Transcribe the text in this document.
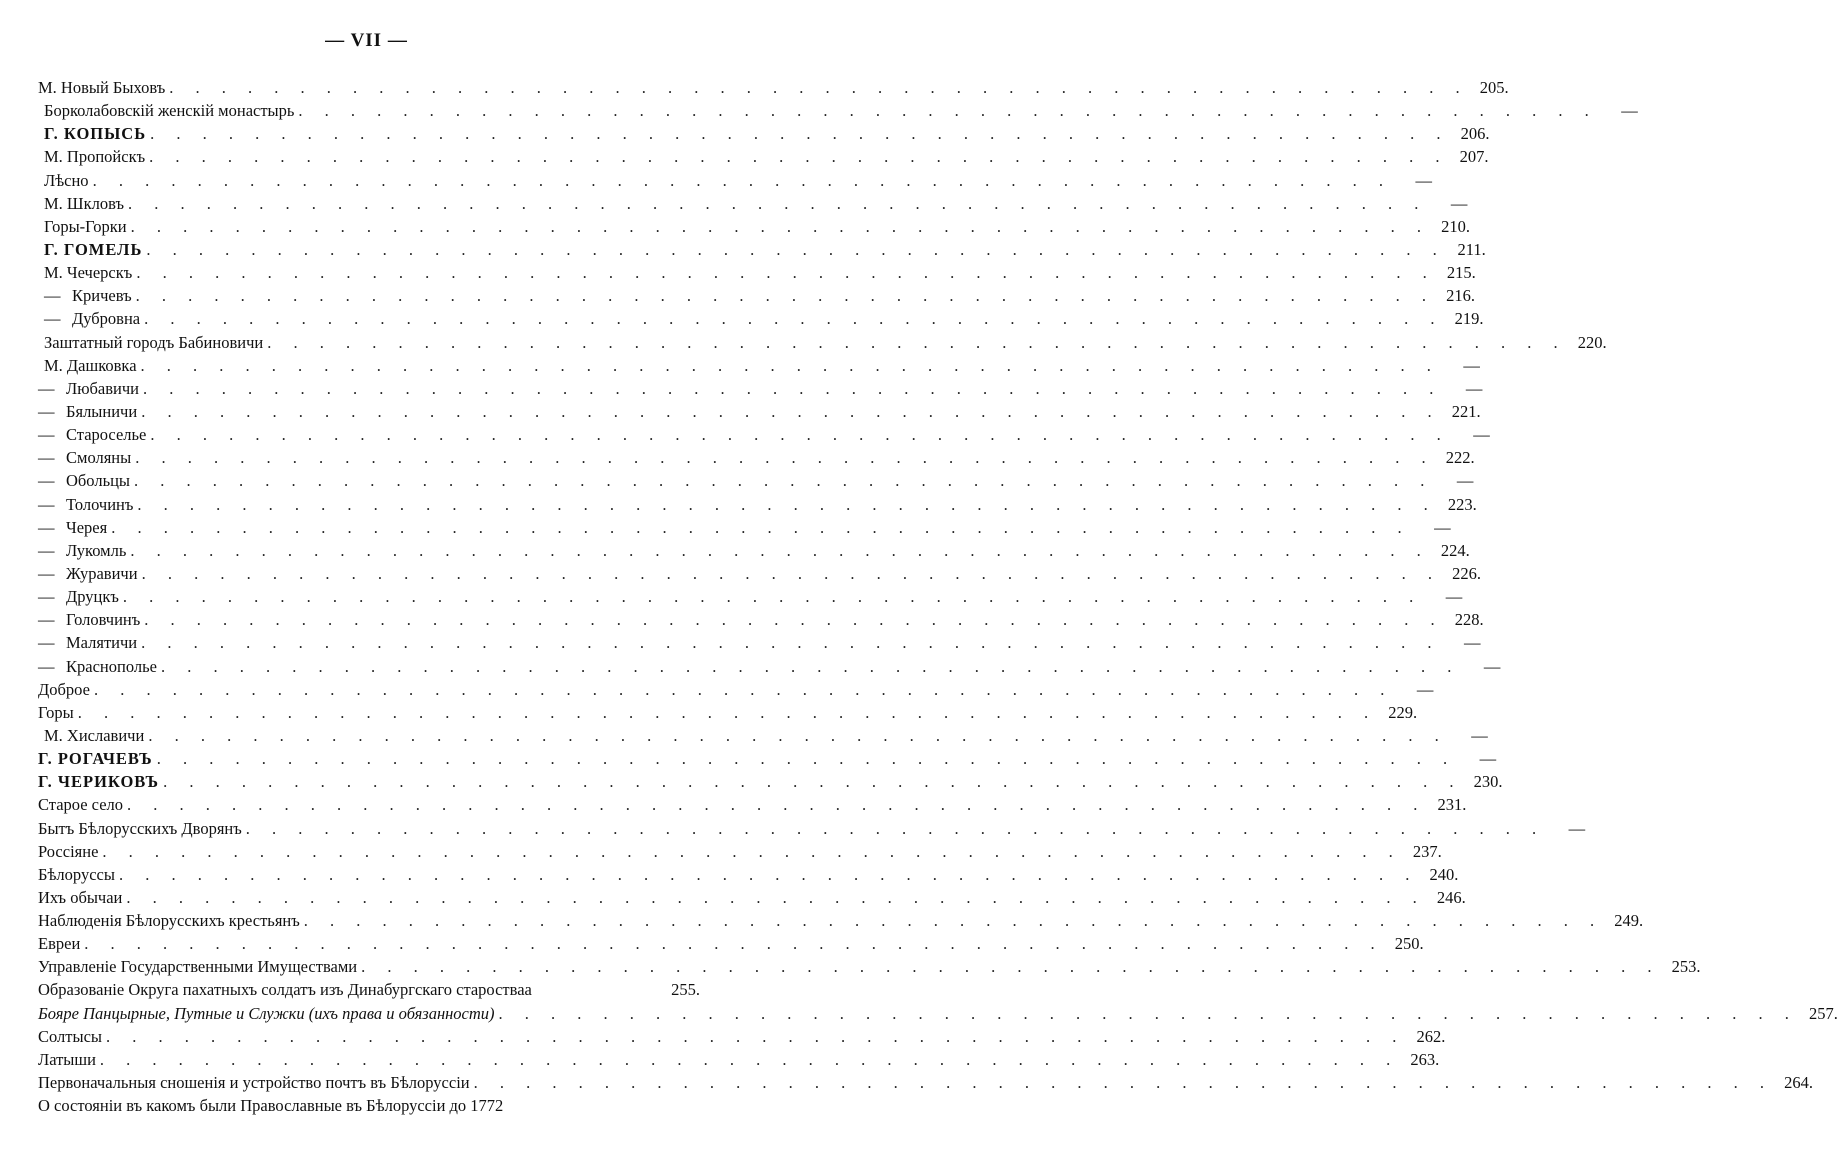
— VII —
М. Новый Быховъ . . . . . . . . . . . . . . . . . . . . . . . . . . . . . . . . . . . . . . . . . . . . . . . . . . 205.
Борколабовскій женскій монастырь . . . . . . . . . . . . . . . . . . . . . . . . . . . . . . . . . . . . . . . . . . . . . . . . . .	—
Г. КОПЫСЬ . . . . . . . . . . . . . . . . . . . . . . . . . . . . . . . . . . . . . . . . . . . . . . . . . . 206.
М. Пропойскъ . . . . . . . . . . . . . . . . . . . . . . . . . . . . . . . . . . . . . . . . . . . . . . . . . . 207.
Лѣсно . . . . . . . . . . . . . . . . . . . . . . . . . . . . . . . . . . . . . . . . . . . . . . . . . .	—
М. Шкловъ . . . . . . . . . . . . . . . . . . . . . . . . . . . . . . . . . . . . . . . . . . . . . . . . . .	—
Горы-Горки . . . . . . . . . . . . . . . . . . . . . . . . . . . . . . . . . . . . . . . . . . . . . . . . . . 210.
Г. ГОМЕЛЬ . . . . . . . . . . . . . . . . . . . . . . . . . . . . . . . . . . . . . . . . . . . . . . . . . . 211.
М. Чечерскъ . . . . . . . . . . . . . . . . . . . . . . . . . . . . . . . . . . . . . . . . . . . . . . . . . . 215.
— Кричевъ . . . . . . . . . . . . . . . . . . . . . . . . . . . . . . . . . . . . . . . . . . . . . . . . . . 216.
— Дубровна . . . . . . . . . . . . . . . . . . . . . . . . . . . . . . . . . . . . . . . . . . . . . . . . . . 219.
Заштатный городъ Бабиновичи . . . . . . . . . . . . . . . . . . . . . . . . . . . . . . . . . . . . . . . . . . . . . . . . . . 220.
М. Дашковка . . . . . . . . . . . . . . . . . . . . . . . . . . . . . . . . . . . . . . . . . . . . . . . . . .	—
— Любавичи . . . . . . . . . . . . . . . . . . . . . . . . . . . . . . . . . . . . . . . . . . . . . . . . . .	—
— Бялыничи . . . . . . . . . . . . . . . . . . . . . . . . . . . . . . . . . . . . . . . . . . . . . . . . . . 221.
— Староселье . . . . . . . . . . . . . . . . . . . . . . . . . . . . . . . . . . . . . . . . . . . . . . . . . .	—
— Смоляны . . . . . . . . . . . . . . . . . . . . . . . . . . . . . . . . . . . . . . . . . . . . . . . . . . 222.
— Обольцы . . . . . . . . . . . . . . . . . . . . . . . . . . . . . . . . . . . . . . . . . . . . . . . . . .	—
— Толочинъ . . . . . . . . . . . . . . . . . . . . . . . . . . . . . . . . . . . . . . . . . . . . . . . . . . 223.
— Черея . . . . . . . . . . . . . . . . . . . . . . . . . . . . . . . . . . . . . . . . . . . . . . . . . .	—
— Лукомль . . . . . . . . . . . . . . . . . . . . . . . . . . . . . . . . . . . . . . . . . . . . . . . . . . 224.
— Журавичи . . . . . . . . . . . . . . . . . . . . . . . . . . . . . . . . . . . . . . . . . . . . . . . . . . 226.
— Друцкъ . . . . . . . . . . . . . . . . . . . . . . . . . . . . . . . . . . . . . . . . . . . . . . . . . .	—
— Головчинъ . . . . . . . . . . . . . . . . . . . . . . . . . . . . . . . . . . . . . . . . . . . . . . . . . . 228.
— Малятичи . . . . . . . . . . . . . . . . . . . . . . . . . . . . . . . . . . . . . . . . . . . . . . . . . .	—
— Краснополье . . . . . . . . . . . . . . . . . . . . . . . . . . . . . . . . . . . . . . . . . . . . . . . . . .	—
Доброе . . . . . . . . . . . . . . . . . . . . . . . . . . . . . . . . . . . . . . . . . . . . . . . . . .	—
Горы . . . . . . . . . . . . . . . . . . . . . . . . . . . . . . . . . . . . . . . . . . . . . . . . . . 229.
М. Хиславичи . . . . . . . . . . . . . . . . . . . . . . . . . . . . . . . . . . . . . . . . . . . . . . . . . .	—
Г. РОГАЧЕВЪ . . . . . . . . . . . . . . . . . . . . . . . . . . . . . . . . . . . . . . . . . . . . . . . . . .	—
Г. ЧЕРИКОВЪ . . . . . . . . . . . . . . . . . . . . . . . . . . . . . . . . . . . . . . . . . . . . . . . . . . 230.
Старое село . . . . . . . . . . . . . . . . . . . . . . . . . . . . . . . . . . . . . . . . . . . . . . . . . . 231.
Бытъ Бѣлорусскихъ Дворянъ . . . . . . . . . . . . . . . . . . . . . . . . . . . . . . . . . . . . . . . . . . . . . . . . . .	—
Россіяне . . . . . . . . . . . . . . . . . . . . . . . . . . . . . . . . . . . . . . . . . . . . . . . . . . 237.
Бѣлоруссы . . . . . . . . . . . . . . . . . . . . . . . . . . . . . . . . . . . . . . . . . . . . . . . . . . 240.
Ихъ обычаи . . . . . . . . . . . . . . . . . . . . . . . . . . . . . . . . . . . . . . . . . . . . . . . . . . 246.
Наблюденія Бѣлорусскихъ крестьянъ . . . . . . . . . . . . . . . . . . . . . . . . . . . . . . . . . . . . . . . . . . . . . . . . . . 249.
Евреи . . . . . . . . . . . . . . . . . . . . . . . . . . . . . . . . . . . . . . . . . . . . . . . . . . 250.
Управленіе Государственными Имуществами . . . . . . . . . . . . . . . . . . . . . . . . . . . . . . . . . . . . . . . . . . . . . . . . . . 253.
Образованіе Округа пахатныхъ солдатъ изъ Динабургскаго старостваа	255.
Бояре Панцырные, Путные и Служки (ихъ права и обязанности) . . . . . . . . . . . . . . . . . . . . . . . . . . . . . . . . . . . . . . . . . . . . . . . . . . 257.
Солтысы . . . . . . . . . . . . . . . . . . . . . . . . . . . . . . . . . . . . . . . . . . . . . . . . . . 262.
Латыши . . . . . . . . . . . . . . . . . . . . . . . . . . . . . . . . . . . . . . . . . . . . . . . . . . 263.
Первоначальныя сношенія и устройство почтъ въ Бѣлоруссіи . . . . . . . . . . . . . . . . . . . . . . . . . . . . . . . . . . . . . . . . . . . . . . . . . . 264.
О состояніи въ какомъ были Православные въ Бѣлоруссіи до 1772
